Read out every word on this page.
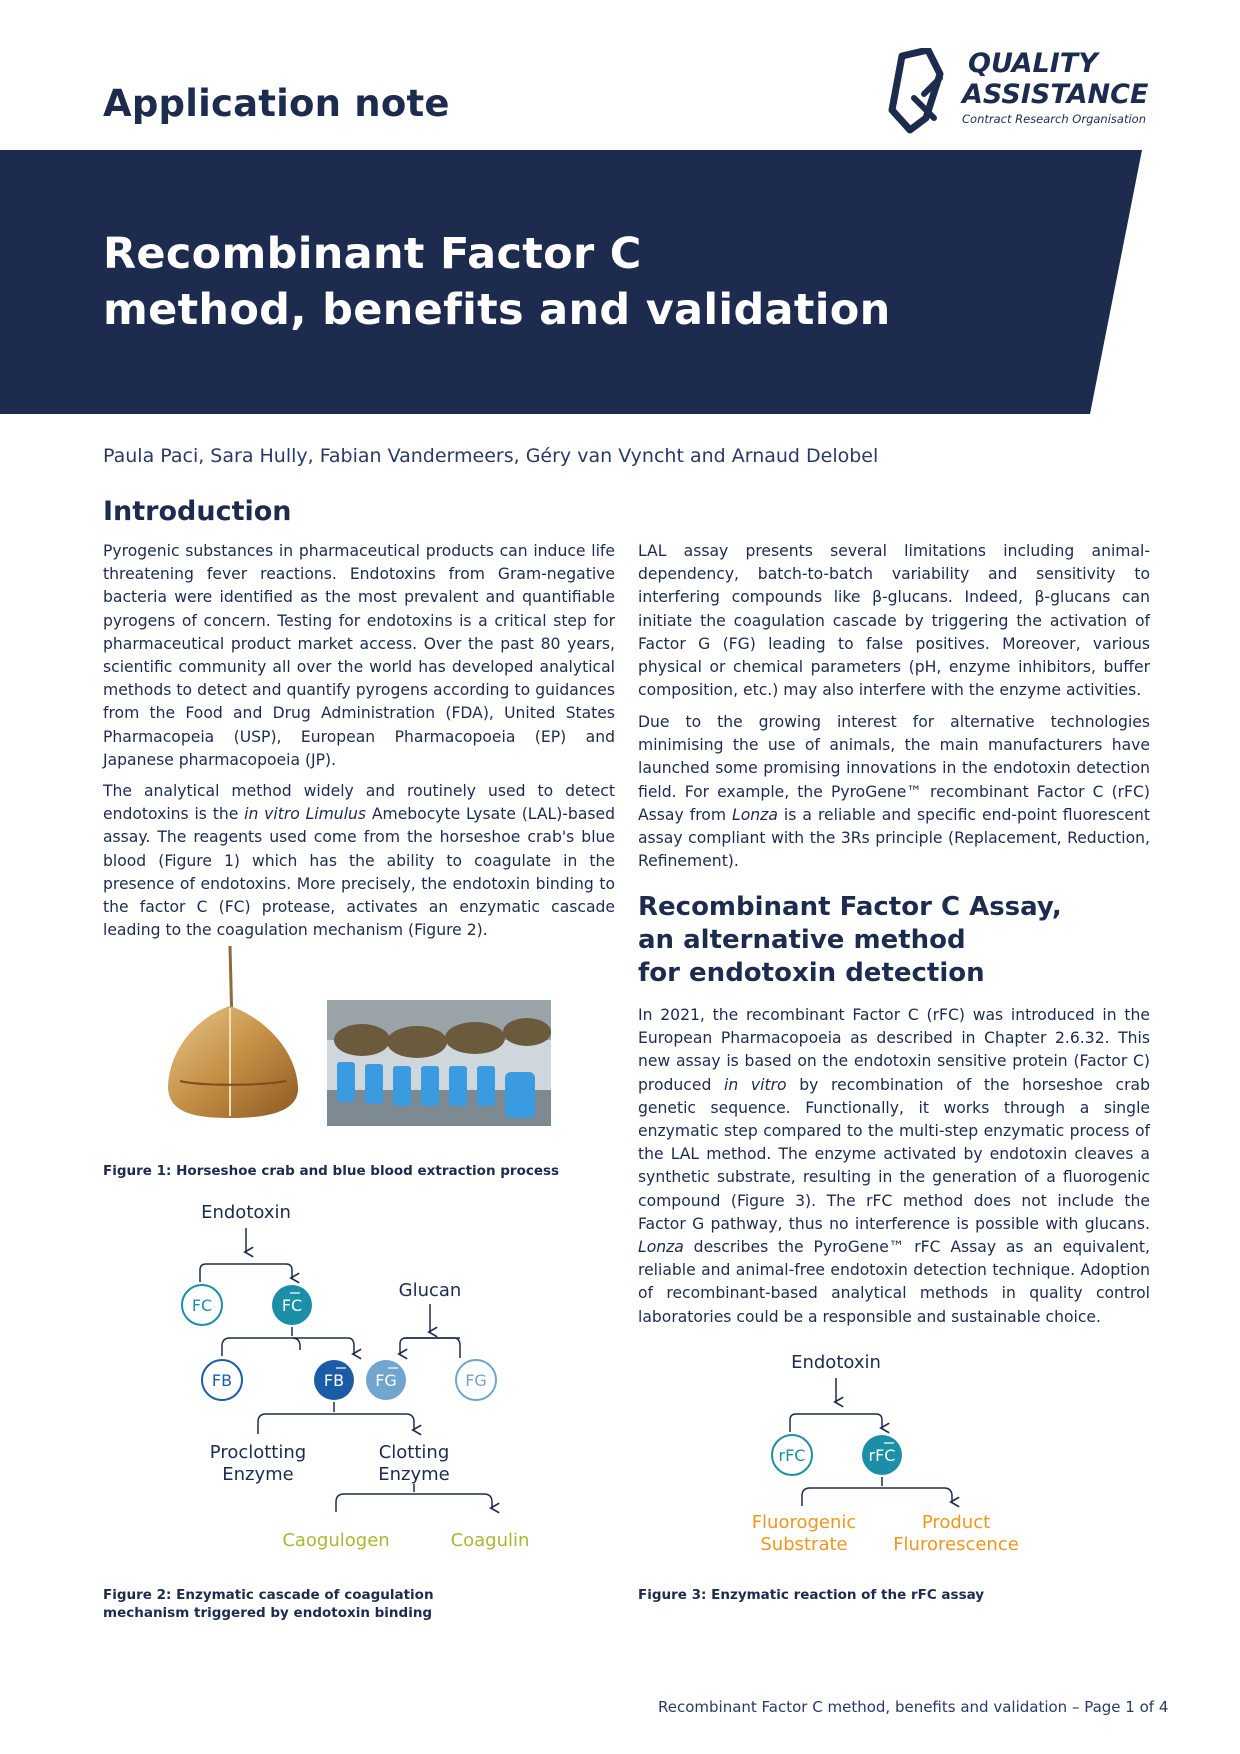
Application note
QUALITY
ASSISTANCE
Contract Research Organisation
Recombinant Factor C
method, benefits and validation
Paula Paci, Sara Hully, Fabian Vandermeers, Géry van Vyncht and Arnaud Delobel
Introduction

Pyrogenic substances in pharmaceutical products can induce life threatening fever reactions. Endotoxins from Gram-negative bacteria were identified as the most prevalent and quantifiable pyrogens of concern. Testing for endotoxins is a critical step for pharmaceutical product market access. Over the past 80 years, scientific community all over the world has developed analytical methods to detect and quantify pyrogens according to guidances from the Food and Drug Administration (FDA), United States Pharmacopeia (USP), European Pharmacopoeia (EP) and Japanese pharmacopoeia (JP).

The analytical method widely and routinely used to detect endotoxins is the in vitro Limulus Amebocyte Lysate (LAL)-based assay. The reagents used come from the horseshoe crab's blue blood (Figure 1) which has the ability to coagulate in the presence of endotoxins. More precisely, the endotoxin binding to the factor C (FC) protease, activates an enzymatic cascade leading to the coagulation mechanism (Figure 2).

LAL assay presents several limitations including animal-dependency, batch-to-batch variability and sensitivity to interfering compounds like β-glucans. Indeed, β-glucans can initiate the coagulation cascade by triggering the activation of Factor G (FG) leading to false positives. Moreover, various physical or chemical parameters (pH, enzyme inhibitors, buffer composition, etc.) may also interfere with the enzyme activities.

Due to the growing interest for alternative technologies minimising the use of animals, the main manufacturers have launched some promising innovations in the endotoxin detection field. For example, the PyroGene™ recombinant Factor C (rFC) Assay from Lonza is a reliable and specific end-point fluorescent assay compliant with the 3Rs principle (Replacement, Reduction, Refinement).

Recombinant Factor C Assay,
an alternative method
for endotoxin detection

In 2021, the recombinant Factor C (rFC) was introduced in the European Pharmacopoeia as described in Chapter 2.6.32. This new assay is based on the endotoxin sensitive protein (Factor C) produced in vitro by recombination of the horseshoe crab genetic sequence. Functionally, it works through a single enzymatic step compared to the multi-step enzymatic process of the LAL method. The enzyme activated by endotoxin cleaves a synthetic substrate, resulting in the generation of a fluorogenic compound (Figure 3). The rFC method does not include the Factor G pathway, thus no interference is possible with glucans. Lonza describes the PyroGene™ rFC Assay as an equivalent, reliable and animal-free endotoxin detection technique. Adoption of recombinant-based analytical methods in quality control laboratories could be a responsible and sustainable choice.

Figure 1: Horseshoe crab and blue blood extraction process

Endotoxin
FC	FC
Glucan
FB	FB FG	FG
Proclotting Enzyme
Clotting Enzyme
Caogulogen	Coagulin

Figure 2: Enzymatic cascade of coagulation
mechanism triggered by endotoxin binding

Endotoxin
rFC	rFC
Fluorogenic Substrate
Product Flurorescence

Figure 3: Enzymatic reaction of the rFC assay

Recombinant Factor C method, benefits and validation – Page 1 of 4
